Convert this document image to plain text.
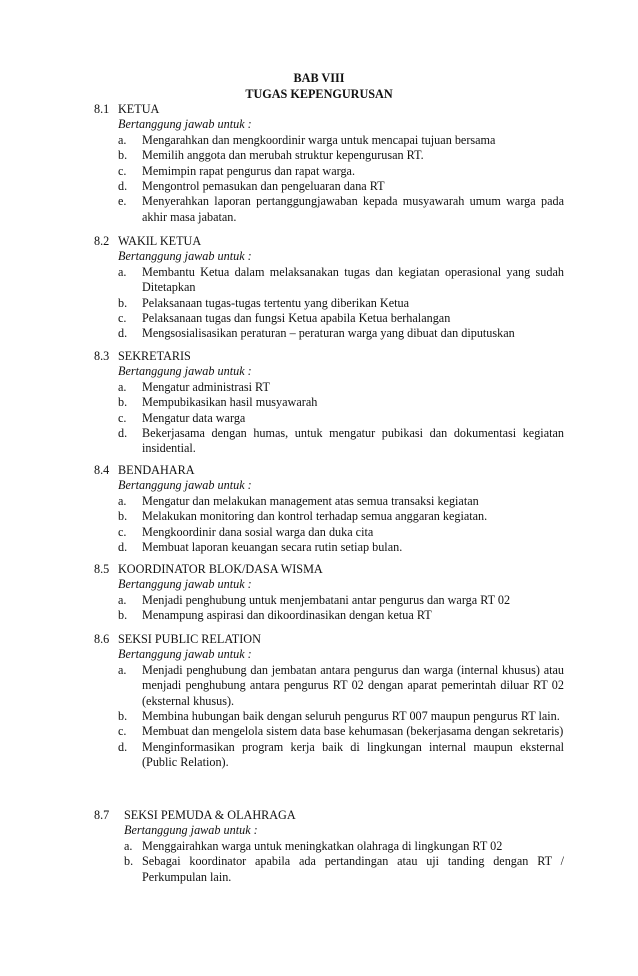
BAB VIII
TUGAS KEPENGURUSAN
8.1 KETUA
Bertanggung jawab untuk :
a. Mengarahkan dan mengkoordinir warga untuk mencapai tujuan bersama
b. Memilih anggota dan merubah struktur kepengurusan RT.
c. Memimpin rapat pengurus dan rapat warga.
d. Mengontrol pemasukan dan pengeluaran dana RT
e. Menyerahkan laporan pertanggungjawaban kepada musyawarah umum warga pada akhir masa jabatan.
8.2 WAKIL KETUA
Bertanggung jawab untuk :
a. Membantu Ketua dalam melaksanakan tugas dan kegiatan operasional yang sudah Ditetapkan
b. Pelaksanaan tugas-tugas tertentu yang diberikan Ketua
c. Pelaksanaan tugas dan fungsi Ketua apabila Ketua berhalangan
d. Mengsosialisasikan peraturan – peraturan warga yang dibuat dan diputuskan
8.3 SEKRETARIS
Bertanggung jawab untuk :
a. Mengatur administrasi RT
b. Mempubikasikan hasil musyawarah
c. Mengatur data warga
d. Bekerjasama dengan humas, untuk mengatur pubikasi dan dokumentasi kegiatan insidential.
8.4 BENDAHARA
Bertanggung jawab untuk :
a. Mengatur dan melakukan management atas semua transaksi kegiatan
b. Melakukan monitoring dan kontrol terhadap semua anggaran kegiatan.
c. Mengkoordinir dana sosial warga dan duka cita
d. Membuat laporan keuangan secara rutin setiap bulan.
8.5 KOORDINATOR BLOK/DASA WISMA
Bertanggung jawab untuk :
a. Menjadi penghubung untuk menjembatani antar pengurus dan warga RT 02
b. Menampung aspirasi dan dikoordinasikan dengan ketua RT
8.6 SEKSI PUBLIC RELATION
Bertanggung jawab untuk :
a. Menjadi penghubung dan jembatan antara pengurus dan warga (internal khusus) atau menjadi penghubung antara pengurus RT 02 dengan aparat pemerintah diluar RT 02 (eksternal khusus).
b. Membina hubungan baik dengan seluruh pengurus RT 007 maupun pengurus RT lain.
c. Membuat dan mengelola sistem data base kehumasan (bekerjasama dengan sekretaris)
d. Menginformasikan program kerja baik di lingkungan internal maupun eksternal (Public Relation).
8.7 SEKSI PEMUDA & OLAHRAGA
Bertanggung jawab untuk :
a. Menggairahkan warga untuk meningkatkan olahraga di lingkungan RT 02
b. Sebagai koordinator apabila ada pertandingan atau uji tanding dengan RT / Perkumpulan lain.
